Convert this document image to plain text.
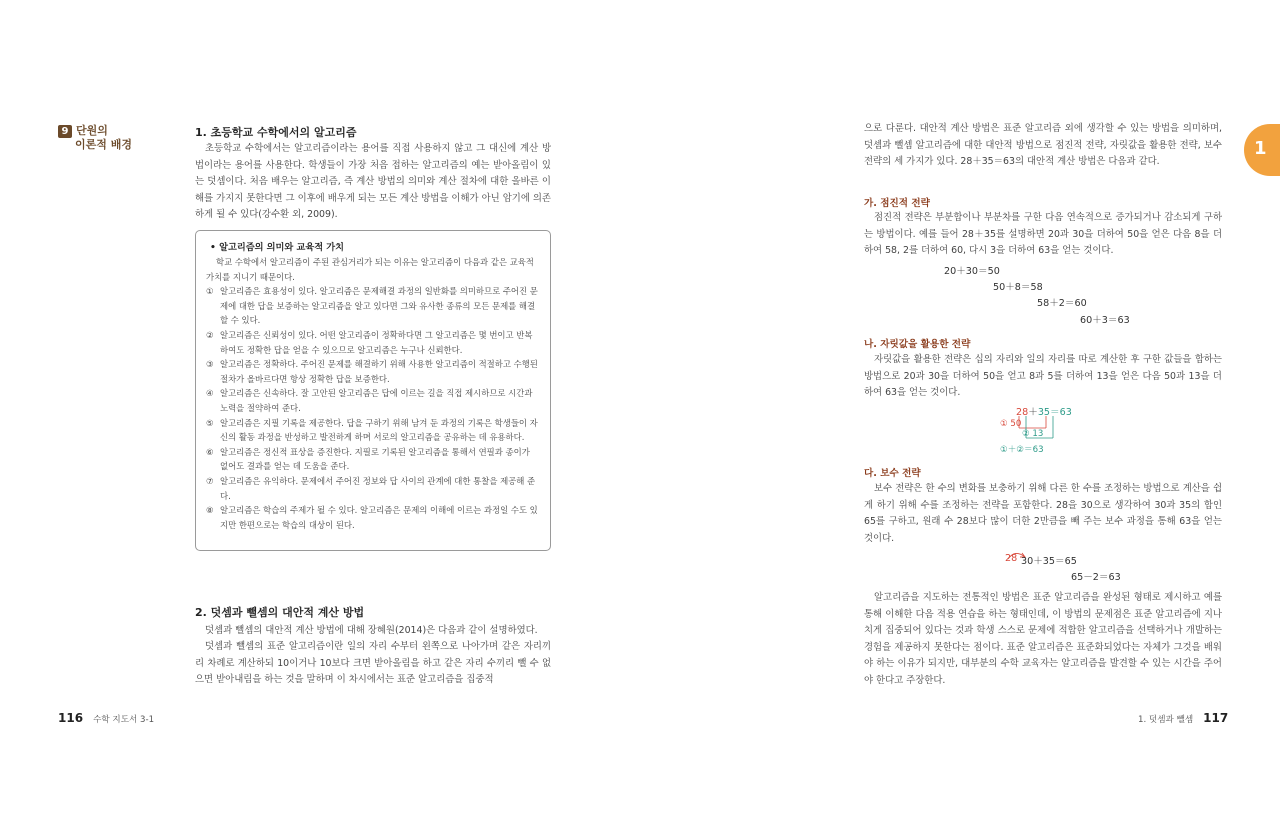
9 단원의
이론적 배경
1. 초등학교 수학에서의 알고리즘

초등학교 수학에서는 알고리즘이라는 용어를 직접 사용하지 않고 그 대신에 계산 방법이라는 용어를 사용한다. 학생들이 가장 처음 접하는 알고리즘의 예는 받아올림이 있는 덧셈이다. 처음 배우는 알고리즘, 즉 계산 방법의 의미와 계산 절차에 대한 올바른 이해를 가지지 못한다면 그 이후에 배우게 되는 모든 계산 방법을 이해가 아닌 암기에 의존하게 될 수 있다(강수환 외, 2009).

• 알고리즘의 의미와 교육적 가치

학교 수학에서 알고리즘이 주된 관심거리가 되는 이유는 알고리즘이 다음과 같은 교육적 가치를 지니기 때문이다.

① 알고리즘은 효용성이 있다. 알고리즘은 문제해결 과정의 일반화를 의미하므로 주어진 문제에 대한 답을 보증하는 알고리즘을 알고 있다면 그와 유사한 종류의 모든 문제를 해결할 수 있다.
② 알고리즘은 신뢰성이 있다. 어떤 알고리즘이 정확하다면 그 알고리즘은 몇 번이고 반복하여도 정확한 답을 얻을 수 있으므로 알고리즘은 누구나 신뢰한다.
③ 알고리즘은 정확하다. 주어진 문제를 해결하기 위해 사용한 알고리즘이 적절하고 수행된 절차가 올바르다면 항상 정확한 답을 보증한다.
④ 알고리즘은 신속하다. 잘 고안된 알고리즘은 답에 이르는 길을 직접 제시하므로 시간과 노력을 절약하여 준다.
⑤ 알고리즘은 지필 기록을 제공한다. 답을 구하기 위해 남겨 둔 과정의 기록은 학생들이 자신의 활동 과정을 반성하고 발전하게 하며 서로의 알고리즘을 공유하는 데 유용하다.
⑥ 알고리즘은 정신적 표상을 증진한다. 지필로 기록된 알고리즘을 통해서 연필과 종이가 없어도 결과를 얻는 데 도움을 준다.
⑦ 알고리즘은 유익하다. 문제에서 주어진 정보와 답 사이의 관계에 대한 통찰을 제공해 준다.
⑧ 알고리즘은 학습의 주제가 될 수 있다. 알고리즘은 문제의 이해에 이르는 과정일 수도 있지만 한편으로는 학습의 대상이 된다.
2. 덧셈과 뺄셈의 대안적 계산 방법

덧셈과 뺄셈의 대안적 계산 방법에 대해 장혜원(2014)은 다음과 같이 설명하였다.

덧셈과 뺄셈의 표준 알고리즘이란 일의 자리 수부터 왼쪽으로 나아가며 같은 자리끼리 차례로 계산하되 10이거나 10보다 크면 받아올림을 하고 같은 자리 수끼리 뺄 수 없으면 받아내림을 하는 것을 말하며 이 차시에서는 표준 알고리즘을 집중적

116 수학 지도서 3-1
1

으로 다룬다. 대안적 계산 방법은 표준 알고리즘 외에 생각할 수 있는 방법을 의미하며, 덧셈과 뺄셈 알고리즘에 대한 대안적 방법으로 점진적 전략, 자릿값을 활용한 전략, 보수 전략의 세 가지가 있다. 28＋35＝63의 대안적 계산 방법은 다음과 같다.

가. 점진적 전략

점진적 전략은 부분합이나 부분차를 구한 다음 연속적으로 증가되거나 감소되게 구하는 방법이다. 예를 들어 28＋35를 설명하면 20과 30을 더하여 50을 얻은 다음 8을 더하여 58, 2를 더하여 60, 다시 3을 더하여 63을 얻는 것이다.

20＋30＝50
50＋8＝58
58＋2＝60
60＋3＝63
나. 자릿값을 활용한 전략

자릿값을 활용한 전략은 십의 자리와 일의 자리를 따로 계산한 후 구한 값들을 합하는 방법으로 20과 30을 더하여 50을 얻고 8과 5를 더하여 13을 얻은 다음 50과 13을 더하여 63을 얻는 것이다.

28＋35＝63
① 50
② 13
①＋②＝63
다. 보수 전략

보수 전략은 한 수의 변화를 보충하기 위해 다른 한 수를 조정하는 방법으로 계산을 쉽게 하기 위해 수를 조정하는 전략을 포함한다. 28을 30으로 생각하여 30과 35의 합인 65를 구하고, 원래 수 28보다 많이 더한 2만큼을 빼 주는 보수 과정을 통해 63을 얻는 것이다.

28 30＋35＝65
65－2＝63

알고리즘을 지도하는 전통적인 방법은 표준 알고리즘을 완성된 형태로 제시하고 예를 통해 이해한 다음 적용 연습을 하는 형태인데, 이 방법의 문제점은 표준 알고리즘에 지나치게 집중되어 있다는 것과 학생 스스로 문제에 적합한 알고리즘을 선택하거나 개발하는 경험을 제공하지 못한다는 점이다. 표준 알고리즘은 표준화되었다는 자체가 그것을 배워야 하는 이유가 되지만, 대부분의 수학 교육자는 알고리즘을 발견할 수 있는 시간을 주어야 한다고 주장한다.

1. 덧셈과 뺄셈 117
